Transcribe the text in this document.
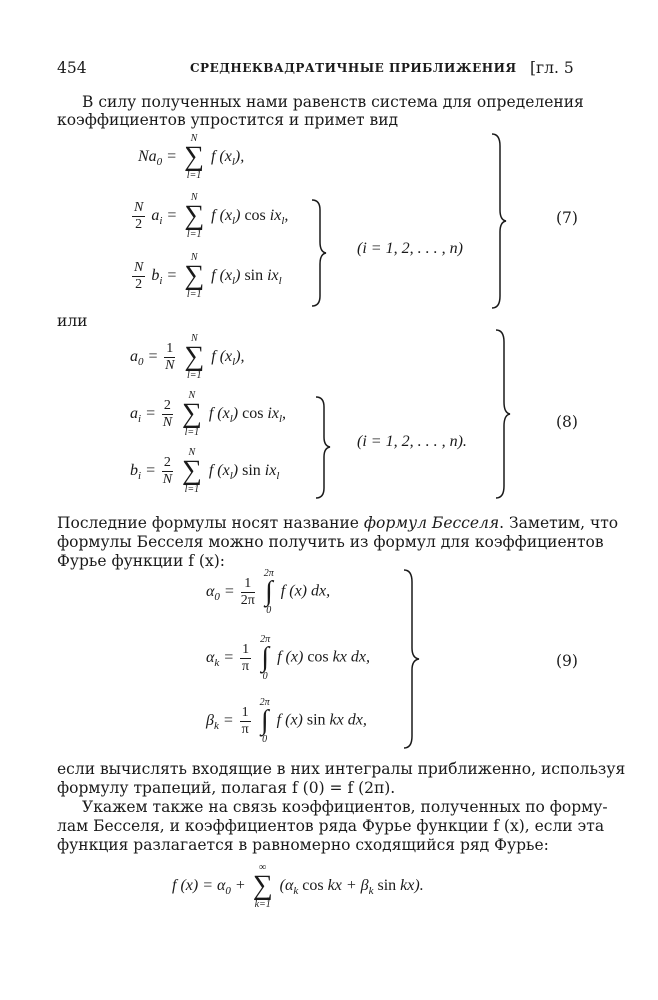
454	СРЕДНЕКВАДРАТИЧНЫЕ ПРИБЛИЖЕНИЯ [гл. 5
В силу полученных нами равенств система для определения
коэффициентов упростится и примет вид
$Na_0$ =
N
∑
l=1
f $(x_l)$,
$\frac{N}{2} a_i$ =
N
∑
l=1
f $(x_l)$ $\cos ix_l$,
$\frac{N}{2} b_i$ =
N
∑
l=1
f $(x_l)$ $\sin ix_l$
(i = 1, 2, . . . , n)
(7)
или
$a_0 = \frac{1}{N}$

N
∑
l=1
f $(x_l)$,
$a_i = \frac{2}{N}$

N
∑
l=1
f $(x_l)$ $\cos ix_l$,
$b_i = \frac{2}{N}$

N
∑
l=1
f $(x_l)$ $\sin ix_l$
(i = 1, 2, . . . , n).
(8)
Последние формулы носят название формул Бесселя. Заметим, что
формулы Бесселя можно получить из формул для коэффициентов
Фурье функции f (x):
$\alpha_0 = \frac{1}{2\pi}$

2π
∫
0
f (x) dx,
$\alpha_k = \frac{1}{\pi}$

2π
∫
0
f (x) cos kx dx,
$\beta_k = \frac{1}{\pi}$

2π
∫
0
f (x) sin kx dx,
(9)
если вычислять входящие в них интегралы приближенно, используя
формулу трапеций, полагая f (0) = f (2π).
Укажем также на связь коэффициентов, полученных по форму-
лам Бесселя, и коэффициентов ряда Фурье функции f (x), если эта
функция разлагается в равномерно сходящийся ряд Фурье:
f $(x) = \alpha_0$ +
∞
∑
k=1
($\alpha_k$ cos kx + $\beta_k$ sin kx).
